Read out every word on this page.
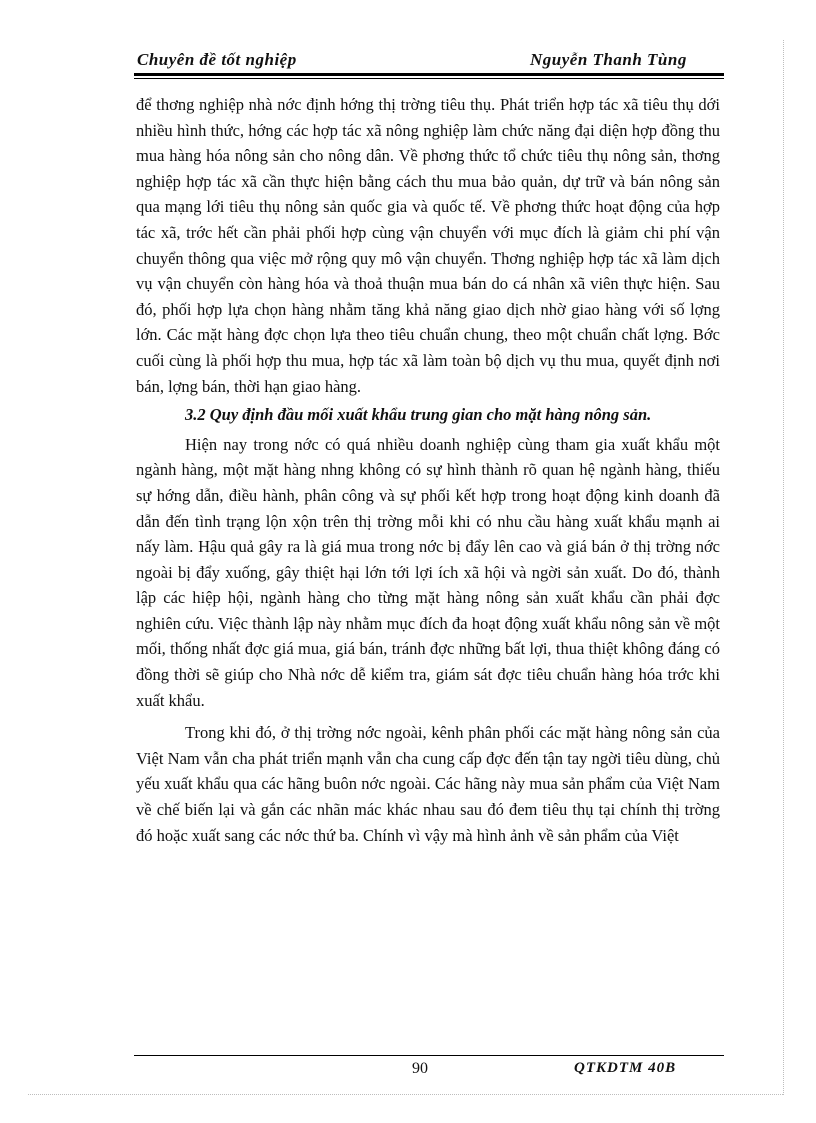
Chuyên đề tốt nghiệp	Nguyễn Thanh Tùng

để thơng nghiệp nhà nớc định hớng thị trờng tiêu thụ. Phát triển hợp tác xã tiêu thụ dới nhiều hình thức, hớng các hợp tác xã nông nghiệp làm chức năng đại diện hợp đồng thu mua hàng hóa nông sản cho nông dân. Về phơng thức tổ chức tiêu thụ nông sản, thơng nghiệp hợp tác xã cần thực hiện bằng cách thu mua bảo quản, dự trữ và bán nông sản qua mạng lới tiêu thụ nông sản quốc gia và quốc tế. Về phơng thức hoạt động của hợp tác xã, trớc hết cần phải phối hợp cùng vận chuyển với mục đích là giảm chi phí vận chuyển thông qua việc mở rộng quy mô vận chuyển. Thơng nghiệp hợp tác xã làm dịch vụ vận chuyển còn hàng hóa và thoả thuận mua bán do cá nhân xã viên thực hiện. Sau đó, phối hợp lựa chọn hàng nhằm tăng khả năng giao dịch nhờ giao hàng với số lợng lớn. Các mặt hàng đợc chọn lựa theo tiêu chuẩn chung, theo một chuẩn chất lợng. Bớc cuối cùng là phối hợp thu mua, hợp tác xã làm toàn bộ dịch vụ thu mua, quyết định nơi bán, lợng bán, thời hạn giao hàng.

3.2 Quy định đầu mối xuất khẩu trung gian cho mặt hàng nông sản.

Hiện nay trong nớc có quá nhiều doanh nghiệp cùng tham gia xuất khẩu một ngành hàng, một mặt hàng nhng không có sự hình thành rõ quan hệ ngành hàng, thiếu sự hớng dẫn, điều hành, phân công và sự phối kết hợp trong hoạt động kinh doanh đã dẫn đến tình trạng lộn xộn trên thị trờng mỗi khi có nhu cầu hàng xuất khẩu mạnh ai nấy làm. Hậu quả gây ra là giá mua trong nớc bị đẩy lên cao và giá bán ở thị trờng nớc ngoài bị đẩy xuống, gây thiệt hại lớn tới lợi ích xã hội và ngời sản xuất. Do đó, thành lập các hiệp hội, ngành hàng cho từng mặt hàng nông sản xuất khẩu cần phải đợc nghiên cứu. Việc thành lập này nhằm mục đích đa hoạt động xuất khẩu nông sản về một mối, thống nhất đợc giá mua, giá bán, tránh đợc những bất lợi, thua thiệt không đáng có đồng thời sẽ giúp cho Nhà nớc dễ kiểm tra, giám sát đợc tiêu chuẩn hàng hóa trớc khi xuất khẩu.

Trong khi đó, ở thị trờng nớc ngoài, kênh phân phối các mặt hàng nông sản của Việt Nam vẫn cha phát triển mạnh vẫn cha cung cấp đợc đến tận tay ngời tiêu dùng, chủ yếu xuất khẩu qua các hãng buôn nớc ngoài. Các hãng này mua sản phẩm của Việt Nam về chế biến lại và gắn các nhãn mác khác nhau sau đó đem tiêu thụ tại chính thị trờng đó hoặc xuất sang các nớc thứ ba. Chính vì vậy mà hình ảnh về sản phẩm của Việt

90	QTKDTM 40B
